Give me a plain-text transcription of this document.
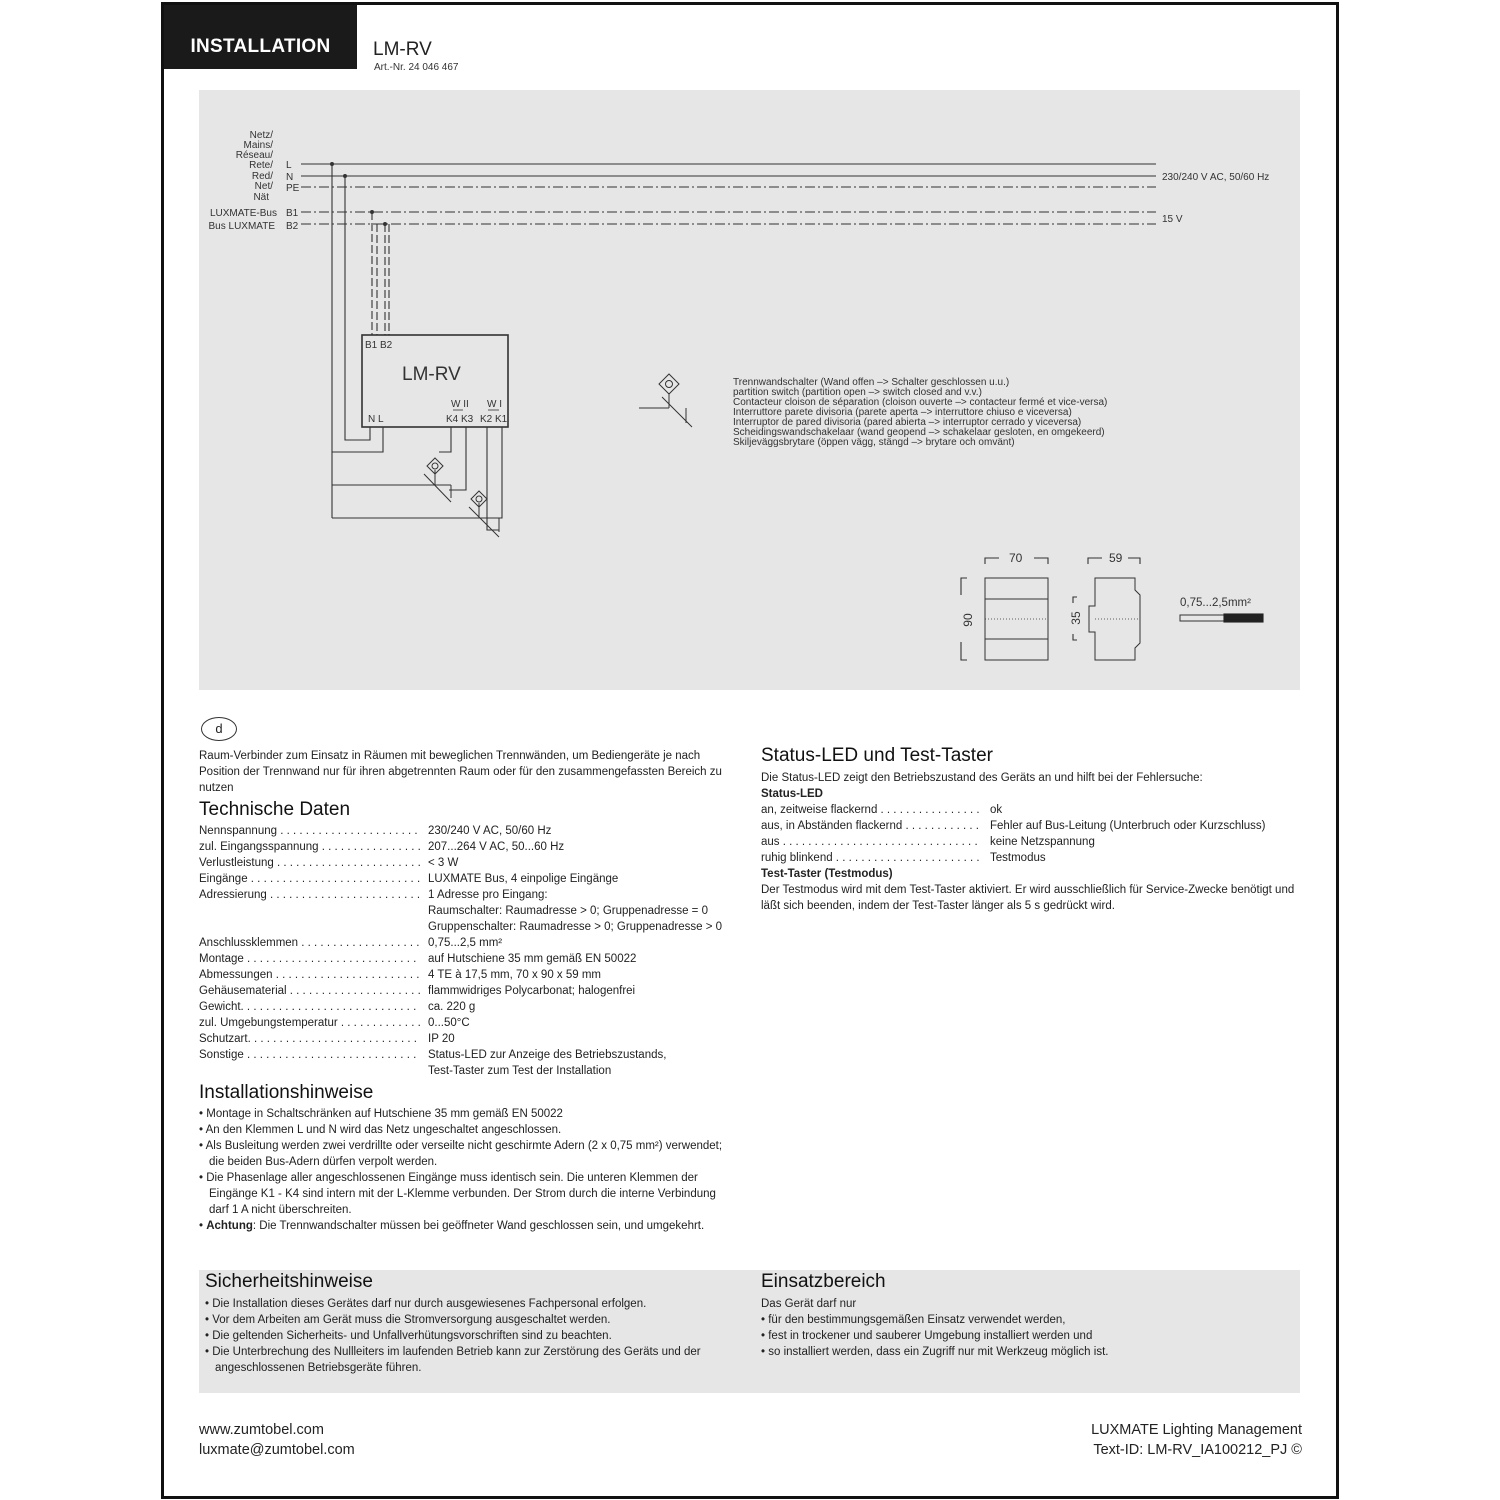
INSTALLATION	LM-RV
Art.-Nr. 24 046 467
Netz/
Mains/
Réseau/
Rete/
Red/
Net/
Nät
LUXMATE-Bus
Bus LUXMATE
L
N
PE
B1
B2
230/240 V AC, 50/60 Hz
15 V
B1 B2
LM-RV
N L
W II W I
K4 K3 K2 K1
Trennwandschalter (Wand offen –> Schalter geschlossen u.u.)
partition switch (partition open –> switch closed and v.v.)
Contacteur cloison de séparation (cloison ouverte –> contacteur fermé et vice-versa)
Interruttore parete divisoria (parete aperta –> interruttore chiuso e viceversa)
Interruptor de pared divisoria (pared abierta –> interruptor cerrado y viceversa)
Scheidingswandschakelaar (wand geopend –> schakelaar gesloten, en omgekeerd)
Skiljeväggsbrytare (öppen vägg, stängd –> brytare och omvänt)
70	59
90	35
0,75...2,5mm²
d

Raum-Verbinder zum Einsatz in Räumen mit beweglichen Trennwänden, um Bediengeräte je nach Position der Trennwand nur für ihren abgetrennten Raum oder für den zusammengefassten Bereich zu nutzen

Technische Daten
Nennspannung . . . . . . . . . . . . . . . . . . . . . .	230/240 V AC, 50/60 Hz
zul. Eingangsspannung . . . . . . . . . . . . . . . .	207...264 V AC, 50...60 Hz
Verlustleistung . . . . . . . . . . . . . . . . . . . . . . .	< 3 W
Eingänge . . . . . . . . . . . . . . . . . . . . . . . . . . .	LUXMATE Bus, 4 einpolige Eingänge
Adressierung . . . . . . . . . . . . . . . . . . . . . . . .	1 Adresse pro Eingang:
	Raumschalter: Raumadresse > 0; Gruppenadresse = 0
	Gruppenschalter: Raumadresse > 0; Gruppenadresse > 0
Anschlussklemmen . . . . . . . . . . . . . . . . . . .	0,75...2,5 mm²
Montage . . . . . . . . . . . . . . . . . . . . . . . . . . .	auf Hutschiene 35 mm gemäß EN 50022
Abmessungen . . . . . . . . . . . . . . . . . . . . . . .	4 TE à 17,5 mm, 70 x 90 x 59 mm
Gehäusematerial . . . . . . . . . . . . . . . . . . . . .	flammwidriges Polycarbonat; halogenfrei
Gewicht. . . . . . . . . . . . . . . . . . . . . . . . . . . .	ca. 220 g
zul. Umgebungstemperatur . . . . . . . . . . . . .	0...50°C
Schutzart. . . . . . . . . . . . . . . . . . . . . . . . . . .	IP 20
Sonstige . . . . . . . . . . . . . . . . . . . . . . . . . . .	Status-LED zur Anzeige des Betriebszustands,
	Test-Taster zum Test der Installation
Installationshinweise

• Montage in Schaltschränken auf Hutschiene 35 mm gemäß EN 50022

• An den Klemmen L und N wird das Netz ungeschaltet angeschlossen.

• Als Busleitung werden zwei verdrillte oder verseilte nicht geschirmte Adern (2 x 0,75 mm²) verwendet; die beiden Bus-Adern dürfen verpolt werden.

• Die Phasenlage aller angeschlossenen Eingänge muss identisch sein. Die unteren Klemmen der Eingänge K1 - K4 sind intern mit der L-Klemme verbunden. Der Strom durch die interne Verbindung darf 1 A nicht überschreiten.

• Achtung: Die Trennwandschalter müssen bei geöffneter Wand geschlossen sein, und umgekehrt.

Status-LED und Test-Taster

Die Status-LED zeigt den Betriebszustand des Geräts an und hilft bei der Fehlersuche:

Status-LED

an, zeitweise flackernd . . . . . . . . . . . . . . . .	ok
aus, in Abständen flackernd . . . . . . . . . . . .	Fehler auf Bus-Leitung (Unterbruch oder Kurzschluss)
aus . . . . . . . . . . . . . . . . . . . . . . . . . . . . . . .	keine Netzspannung
ruhig blinkend . . . . . . . . . . . . . . . . . . . . . . .	Testmodus

Test-Taster (Testmodus)

Der Testmodus wird mit dem Test-Taster aktiviert. Er wird ausschließlich für Service-Zwecke benötigt und läßt sich beenden, indem der Test-Taster länger als 5 s gedrückt wird.

Sicherheitshinweise

• Die Installation dieses Gerätes darf nur durch ausgewiesenes Fachpersonal erfolgen.

• Vor dem Arbeiten am Gerät muss die Stromversorgung ausgeschaltet werden.

• Die geltenden Sicherheits- und Unfallverhütungsvorschriften sind zu beachten.

• Die Unterbrechung des Nullleiters im laufenden Betrieb kann zur Zerstörung des Geräts und der angeschlossenen Betriebsgeräte führen.

Einsatzbereich

Das Gerät darf nur

• für den bestimmungsgemäßen Einsatz verwendet werden,

• fest in trockener und sauberer Umgebung installiert werden und

• so installiert werden, dass ein Zugriff nur mit Werkzeug möglich ist.

www.zumtobel.com
luxmate@zumtobel.com
LUXMATE Lighting Management
Text-ID: LM-RV_IA100212_PJ ©
